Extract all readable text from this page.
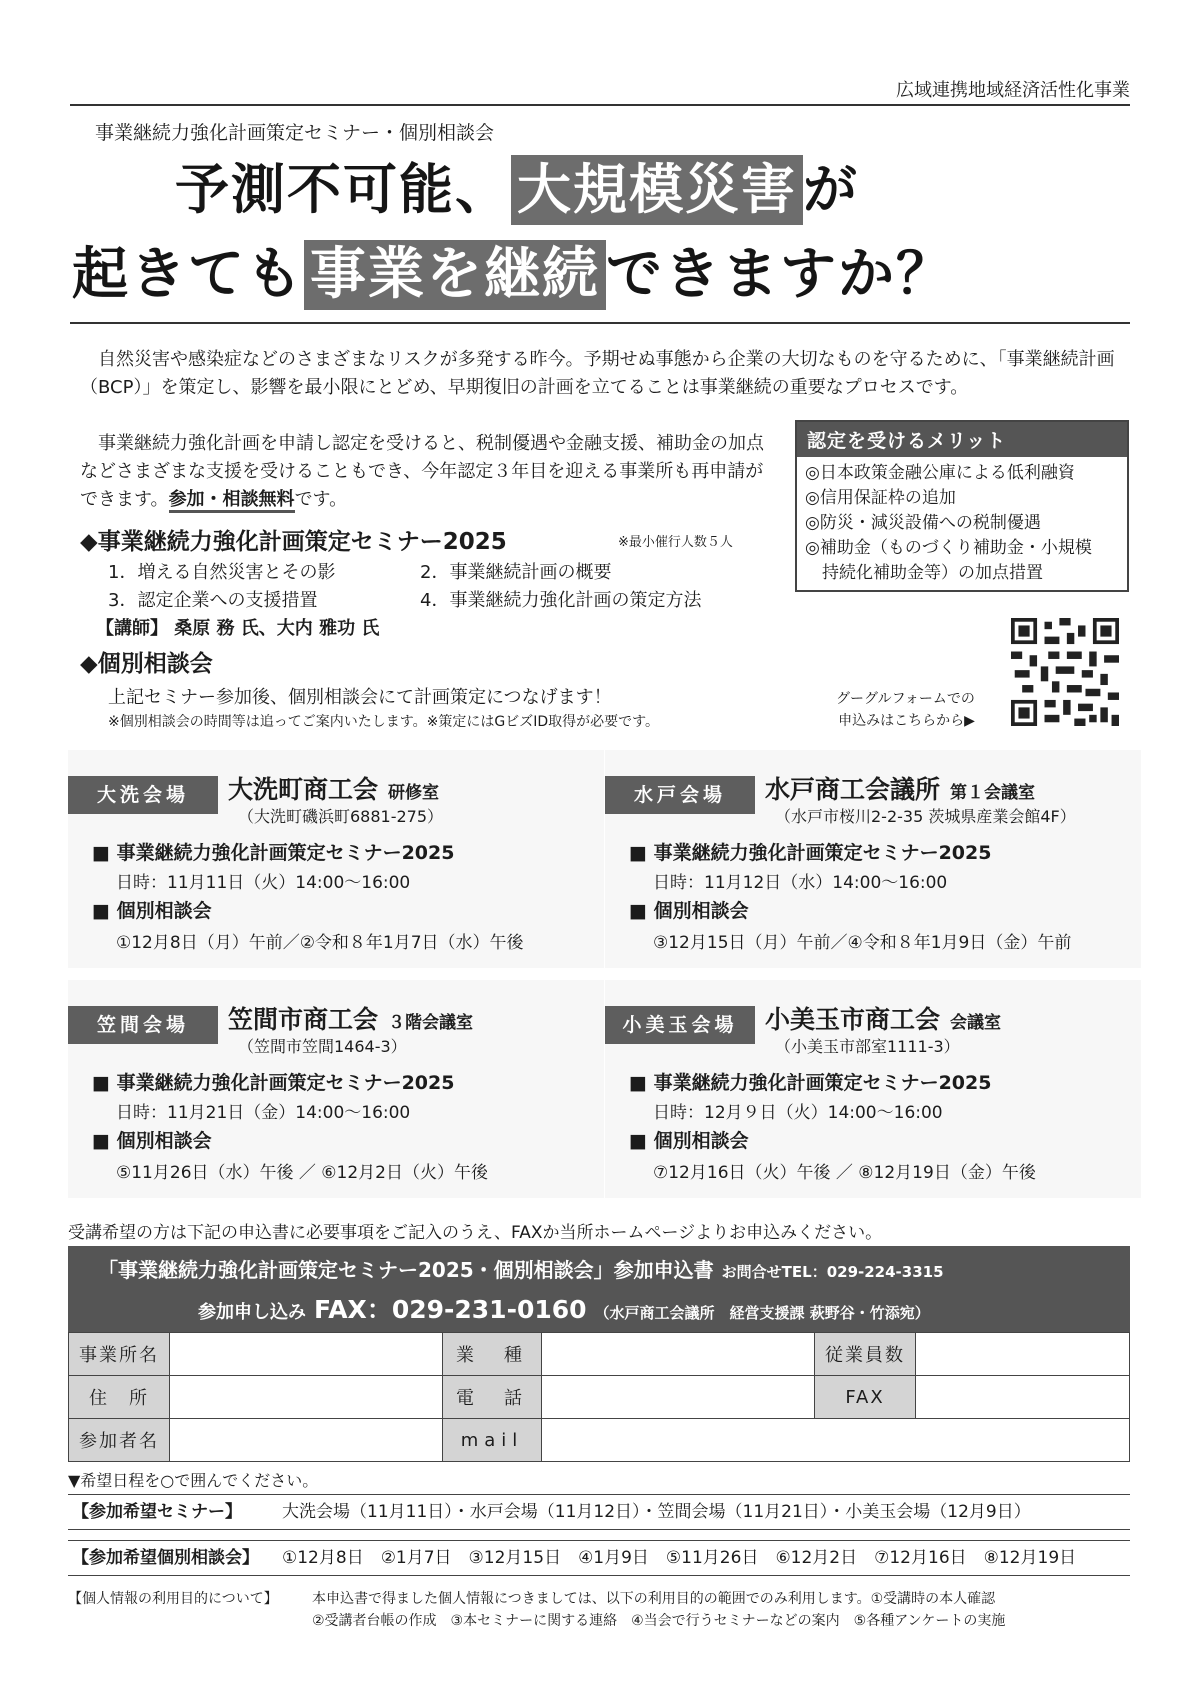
広域連携地域経済活性化事業
事業継続力強化計画策定セミナー・個別相談会
予測不可能、 大規模災害 が
起きても 事業を継続 できますか？

自然災害や感染症などのさまざまなリスクが多発する昨今。予期せぬ事態から企業の大切なものを守るために、「事業継続計画（BCP）」を策定し、影響を最小限にとどめ、早期復旧の計画を立てることは事業継続の重要なプロセスです。

事業継続力強化計画を申請し認定を受けると、税制優遇や金融支援、補助金の加点などさまざまな支援を受けることもでき、今年認定３年目を迎える事業所も再申請ができます。参加・相談無料です。

認定を受けるメリット
◎日本政策金融公庫による低利融資
◎信用保証枠の追加
◎防災・減災設備への税制優遇
◎補助金（ものづくり補助金・小規模
　持続化補助金等）の加点措置
◆事業継続力強化計画策定セミナー2025	※最小催行人数５人
1．増える自然災害とその影	2．事業継続計画の概要
3．認定企業への支援措置	4．事業継続力強化計画の策定方法
【講師】 桑原 務 氏、大内 雅功 氏
◆個別相談会
上記セミナー参加後、個別相談会にて計画策定につなげます！
※個別相談会の時間等は追ってご案内いたします。※策定にはGビズID取得が必要です。
グーグルフォームでの
申込みはこちらから▶
大洗会場	大洗町商工会 研修室
（大洗町磯浜町6881-275）
■ 事業継続力強化計画策定セミナー2025
日時：11月11日（火）14:00〜16:00
■ 個別相談会
①12月8日（月）午前／②令和８年1月7日（水）午後
水戸会場	水戸商工会議所 第１会議室
（水戸市桜川2-2-35 茨城県産業会館4F）
■ 事業継続力強化計画策定セミナー2025
日時：11月12日（水）14:00〜16:00
■ 個別相談会
③12月15日（月）午前／④令和８年1月9日（金）午前
笠間会場	笠間市商工会 ３階会議室
（笠間市笠間1464-3）
■ 事業継続力強化計画策定セミナー2025
日時：11月21日（金）14:00〜16:00
■ 個別相談会
⑤11月26日（水）午後 ／ ⑥12月2日（火）午後
小美玉会場	小美玉市商工会 会議室
（小美玉市部室1111-3）
■ 事業継続力強化計画策定セミナー2025
日時：12月９日（火）14:00〜16:00
■ 個別相談会
⑦12月16日（火）午後 ／ ⑧12月19日（金）午後
受講希望の方は下記の申込書に必要事項をご記入のうえ、FAXか当所ホームページよりお申込みください。
「事業継続力強化計画策定セミナー2025・個別相談会」参加申込書 お問合せTEL：029-224-3315
参加申し込み FAX：029-231-0160 （水戸商工会議所　経営支援課 萩野谷・竹添宛）
事業所名		業　種		従業員数	
住　所		電　話		FAX	
参加者名		mail			
▼希望日程を○で囲んでください。
【参加希望セミナー】 大洗会場（11月11日）・水戸会場（11月12日）・笠間会場（11月21日）・小美玉会場（12月9日）
【参加希望個別相談会】 ①12月8日　②1月7日　③12月15日　④1月9日　⑤11月26日　⑥12月2日　⑦12月16日　⑧12月19日
【個人情報の利用目的について】 本申込書で得ました個人情報につきましては、以下の利用目的の範囲でのみ利用します。①受講時の本人確認
②受講者台帳の作成　③本セミナーに関する連絡　④当会で行うセミナーなどの案内　⑤各種アンケートの実施
